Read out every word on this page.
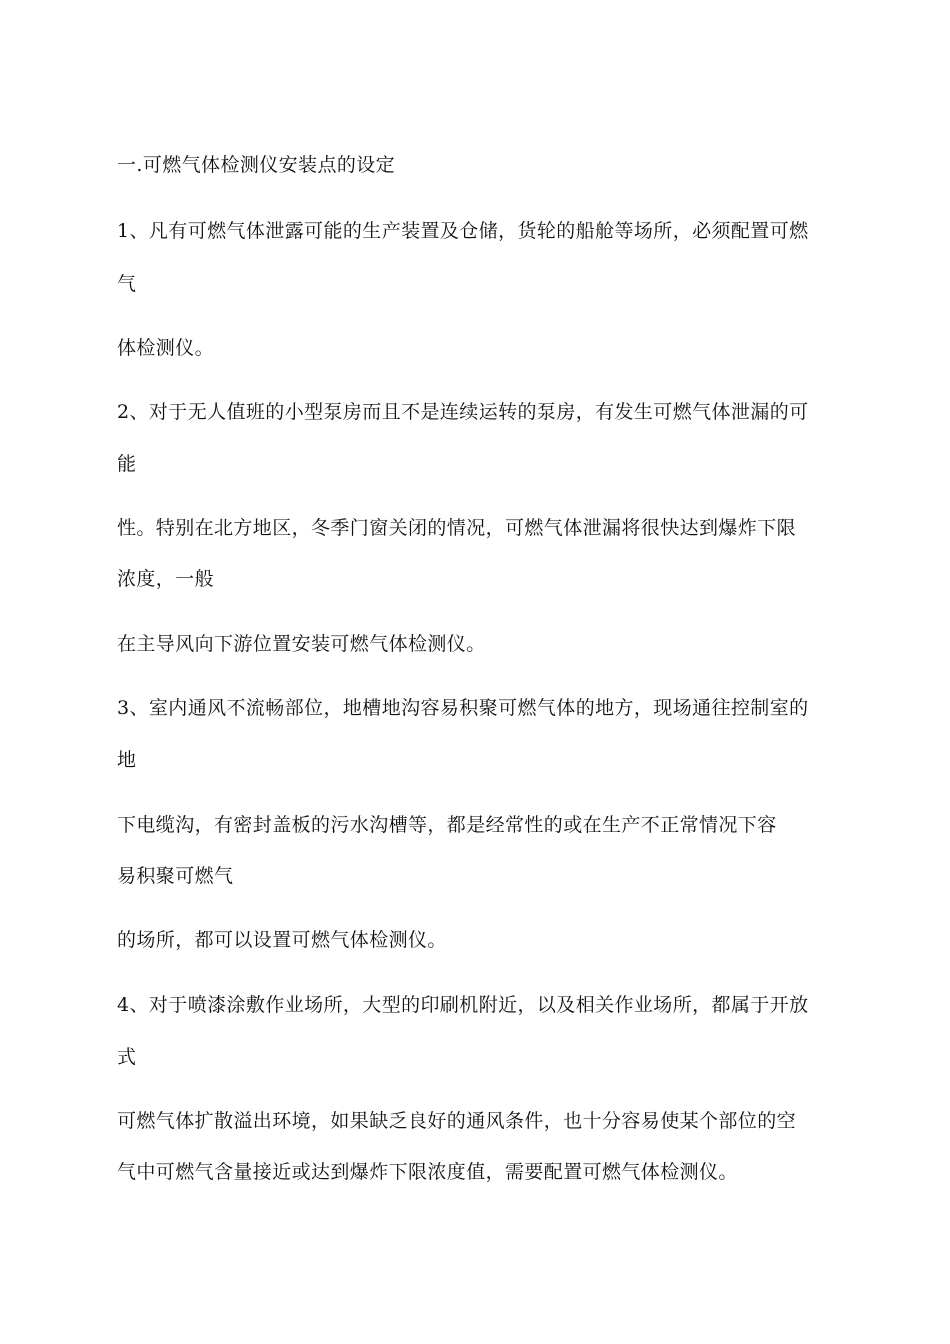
一.可燃气体检测仪安装点的设定
1、凡有可燃气体泄露可能的生产装置及仓储，货轮的船舱等场所，必须配置可燃
气
体检测仪。
2、对于无人值班的小型泵房而且不是连续运转的泵房，有发生可燃气体泄漏的可
能
性。特别在北方地区，冬季门窗关闭的情况，可燃气体泄漏将很快达到爆炸下限
浓度，一般
在主导风向下游位置安装可燃气体检测仪。
3、室内通风不流畅部位，地槽地沟容易积聚可燃气体的地方，现场通往控制室的
地
下电缆沟，有密封盖板的污水沟槽等，都是经常性的或在生产不正常情况下容
易积聚可燃气
的场所，都可以设置可燃气体检测仪。
4、对于喷漆涂敷作业场所，大型的印刷机附近，以及相关作业场所，都属于开放
式
可燃气体扩散溢出环境，如果缺乏良好的通风条件，也十分容易使某个部位的空
气中可燃气含量接近或达到爆炸下限浓度值，需要配置可燃气体检测仪。
